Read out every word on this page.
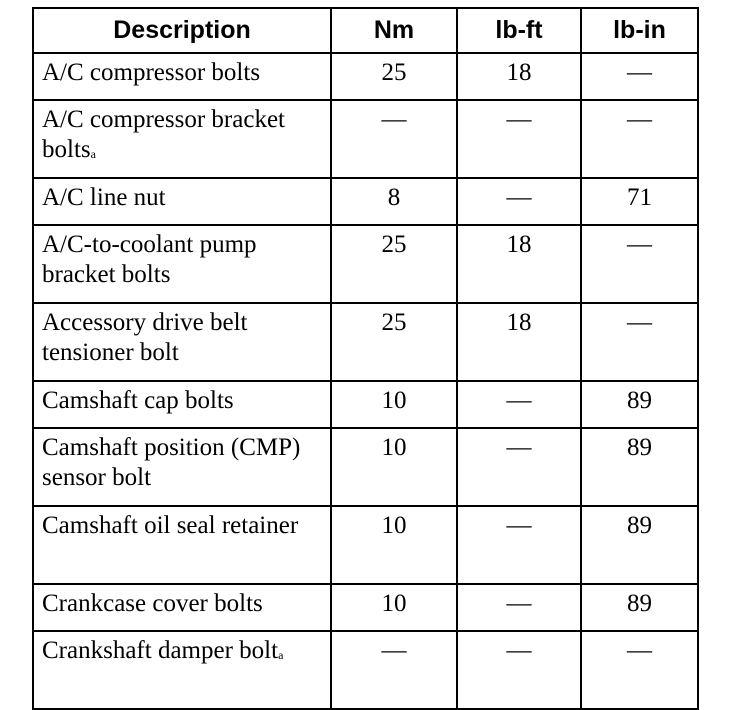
Description	Nm	lb-ft	lb-in
A/C compressor bolts	25	18	—
A/C compressor bracket bolts$^a$	—	—	—
A/C line nut	8	—	71
A/C-to-coolant pump bracket bolts	25	18	—
Accessory drive belt tensioner bolt	25	18	—
Camshaft cap bolts	10	—	89
Camshaft position (CMP) sensor bolt	10	—	89
Camshaft oil seal retainer	10	—	89
Crankcase cover bolts	10	—	89
Crankshaft damper bolt$^a$	—	—	—
